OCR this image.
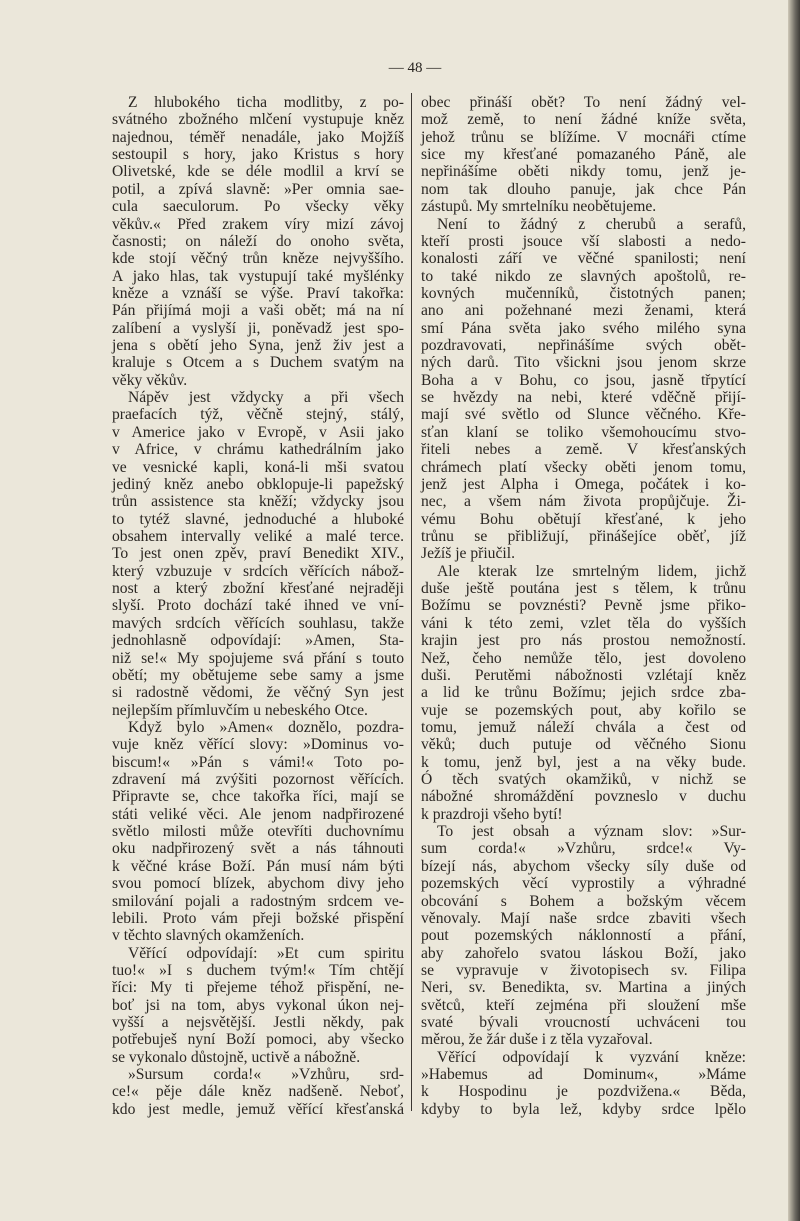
— 48 —
Z hlubokého ticha modlitby, z po-
svátného zbožného mlčení vystupuje kněz
najednou, téměř nenadále, jako Mojžíš
sestoupil s hory, jako Kristus s hory
Olivetské, kde se déle modlil a krví se
potil, a zpívá slavně: »Per omnia sae-
cula saeculorum. Po všecky věky
věkův.« Před zrakem víry mizí závoj
časnosti; on náleží do onoho světa,
kde stojí věčný trůn kněze nejvyššího.
A jako hlas, tak vystupují také myšlénky
kněze a vznáší se výše. Praví takořka:
Pán přijímá moji a vaši obět; má na ní
zalíbení a vyslyší ji, poněvadž jest spo-
jena s obětí jeho Syna, jenž živ jest a
kraluje s Otcem a s Duchem svatým na
věky věkův.
Nápěv jest vždycky a při všech
praefacích týž, věčně stejný, stálý,
v Americe jako v Evropě, v Asii jako
v Africe, v chrámu kathedrálním jako
ve vesnické kapli, koná-li mši svatou
jediný kněz anebo obklopuje-li papežský
trůn assistence sta kněží; vždycky jsou
to tytéž slavné, jednoduché a hluboké
obsahem intervally veliké a malé terce.
To jest onen zpěv, praví Benedikt XIV.,
který vzbuzuje v srdcích věřících nábož-
nost a který zbožní křesťané nejraději
slyší. Proto dochází také ihned ve vní-
mavých srdcích věřících souhlasu, takže
jednohlasně odpovídají: »Amen, Sta-
niž se!« My spojujeme svá přání s touto
obětí; my obětujeme sebe samy a jsme
si radostně vědomi, že věčný Syn jest
nejlepším přímluvčím u nebeského Otce.
Když bylo »Amen« doznělo, pozdra-
vuje kněz věřící slovy: »Dominus vo-
biscum!« »Pán s vámi!« Toto po-
zdravení má zvýšiti pozornost věřících.
Připravte se, chce takořka říci, mají se
státi veliké věci. Ale jenom nadpřirozené
světlo milosti může otevříti duchovnímu
oku nadpřirozený svět a nás táhnouti
k věčné kráse Boží. Pán musí nám býti
svou pomocí blízek, abychom divy jeho
smilování pojali a radostným srdcem ve-
lebili. Proto vám přeji božské přispění
v těchto slavných okamženích.
Věřící odpovídají: »Et cum spiritu
tuo!« »I s duchem tvým!« Tím chtějí
říci: My ti přejeme téhož přispění, ne-
boť jsi na tom, abys vykonal úkon nej-
vyšší a nejsvětější. Jestli někdy, pak
potřebuješ nyní Boží pomoci, aby všecko
se vykonalo důstojně, uctivě a nábožně.
»Sursum corda!« »Vzhůru, srd-
ce!« pěje dále kněz nadšeně. Neboť,
kdo jest medle, jemuž věřící křesťanská
obec přináší obět? To není žádný vel-
mož země, to není žádné kníže světa,
jehož trůnu se blížíme. V mocnáři ctíme
sice my křesťané pomazaného Páně, ale
nepřinášíme oběti nikdy tomu, jenž je-
nom tak dlouho panuje, jak chce Pán
zástupů. My smrtelníku neobětujeme.
Není to žádný z cherubů a serafů,
kteří prosti jsouce vší slabosti a nedo-
konalosti září ve věčné spanilosti; není
to také nikdo ze slavných apoštolů, re-
kovných mučenníků, čistotných panen;
ano ani požehnané mezi ženami, která
smí Pána světa jako svého milého syna
pozdravovati, nepřinášíme svých obět-
ných darů. Tito všickni jsou jenom skrze
Boha a v Bohu, co jsou, jasně třpytící
se hvězdy na nebi, které vděčně přijí-
mají své světlo od Slunce věčného. Kře-
sťan klaní se toliko všemohoucímu stvo-
řiteli nebes a země. V křesťanských
chrámech platí všecky oběti jenom tomu,
jenž jest Alpha i Omega, počátek i ko-
nec, a všem nám života propůjčuje. Ži-
vému Bohu obětují křesťané, k jeho
trůnu se přibližují, přinášejíce oběť, jíž
Ježíš je přiučil.
Ale kterak lze smrtelným lidem, jichž
duše ještě poutána jest s tělem, k trůnu
Božímu se povznésti? Pevně jsme přiko-
váni k této zemi, vzlet těla do vyšších
krajin jest pro nás prostou nemožností.
Než, čeho nemůže tělo, jest dovoleno
duši. Perutěmi nábožnosti vzlétají kněz
a lid ke trůnu Božímu; jejich srdce zba-
vuje se pozemských pout, aby kořilo se
tomu, jemuž náleží chvála a čest od
věků; duch putuje od věčného Sionu
k tomu, jenž byl, jest a na věky bude.
Ó těch svatých okamžiků, v nichž se
nábožné shromáždění povzneslo v duchu
k prazdroji všeho bytí!
To jest obsah a význam slov: »Sur-
sum corda!« »Vzhůru, srdce!« Vy-
bízejí nás, abychom všecky síly duše od
pozemských věcí vyprostily a výhradné
obcování s Bohem a božským věcem
věnovaly. Mají naše srdce zbaviti všech
pout pozemských náklonností a přání,
aby zahořelo svatou láskou Boží, jako
se vypravuje v životopisech sv. Filipa
Neri, sv. Benedikta, sv. Martina a jiných
světců, kteří zejména při sloužení mše
svaté bývali vroucností uchváceni tou
měrou, že žár duše i z těla vyzařoval.
Věřící odpovídají k vyzvání kněze:
»Habemus ad Dominum«, »Máme
k Hospodinu je pozdvižena.« Běda,
kdyby to byla lež, kdyby srdce lpělo
